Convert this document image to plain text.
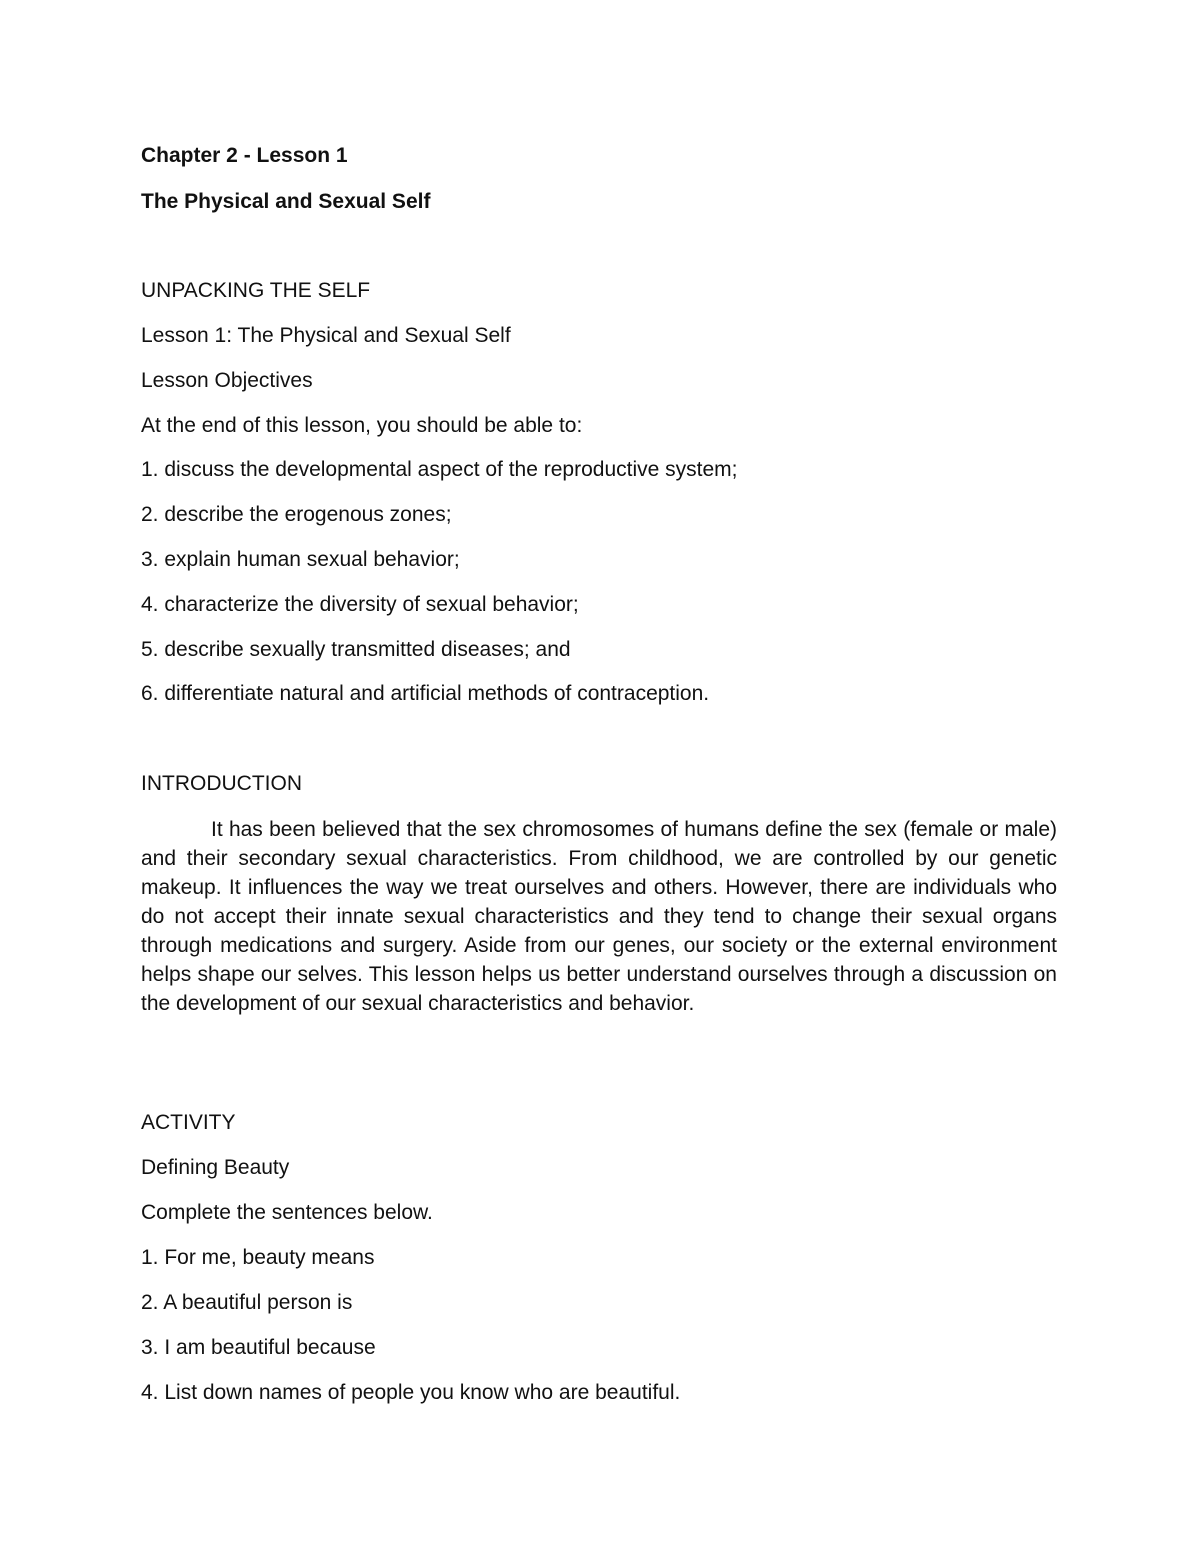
Chapter 2 - Lesson 1

The Physical and Sexual Self

UNPACKING THE SELF

Lesson 1: The Physical and Sexual Self

Lesson Objectives

At the end of this lesson, you should be able to:

1. discuss the developmental aspect of the reproductive system;

2. describe the erogenous zones;

3. explain human sexual behavior;

4. characterize the diversity of sexual behavior;

5. describe sexually transmitted diseases; and

6. differentiate natural and artificial methods of contraception.

INTRODUCTION

It has been believed that the sex chromosomes of humans define the sex (female or male) and their secondary sexual characteristics. From childhood, we are controlled by our genetic makeup. It influences the way we treat ourselves and others. However, there are individuals who do not accept their innate sexual characteristics and they tend to change their sexual organs through medications and surgery. Aside from our genes, our society or the external environment helps shape our selves. This lesson helps us better understand ourselves through a discussion on the development of our sexual characteristics and behavior.

ACTIVITY

Defining Beauty

Complete the sentences below.

1. For me, beauty means

2. A beautiful person is

3. I am beautiful because

4. List down names of people you know who are beautiful.
